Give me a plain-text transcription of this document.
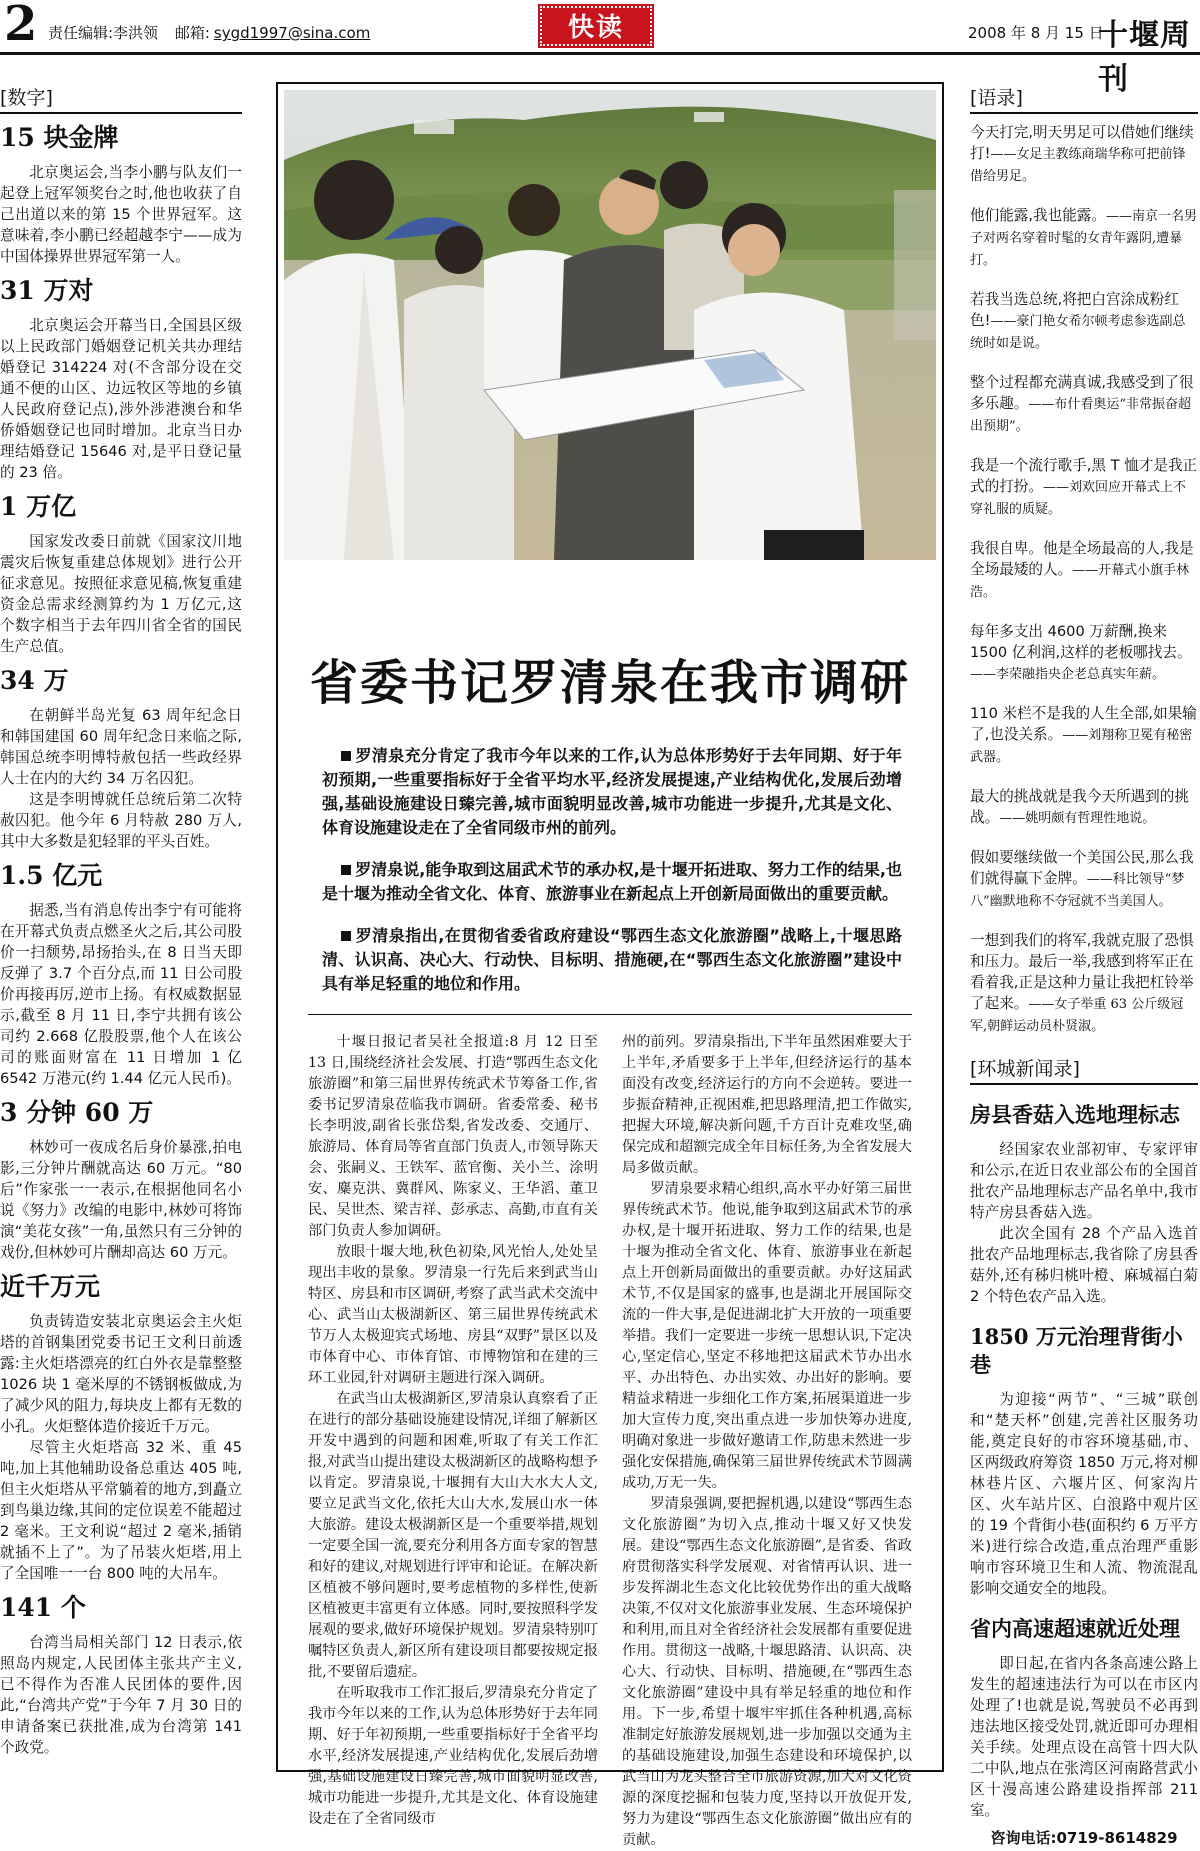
2 责任编辑:李洪领 邮箱: sygd1997@sina.com	快读	2008 年 8 月 15 日
十堰周刊
[数字]
15 块金牌

北京奥运会,当李小鹏与队友们一起登上冠军领奖台之时,他也收获了自己出道以来的第 15 个世界冠军。这意味着,李小鹏已经超越李宁——成为中国体操界世界冠军第一人。

31 万对

北京奥运会开幕当日,全国县区级以上民政部门婚姻登记机关共办理结婚登记 314224 对(不含部分设在交通不便的山区、边远牧区等地的乡镇人民政府登记点),涉外涉港澳台和华侨婚姻登记也同时增加。北京当日办理结婚登记 15646 对,是平日登记量的 23 倍。

1 万亿

国家发改委日前就《国家汶川地震灾后恢复重建总体规划》进行公开征求意见。按照征求意见稿,恢复重建资金总需求经测算约为 1 万亿元,这个数字相当于去年四川省全省的国民生产总值。

34 万

在朝鲜半岛光复 63 周年纪念日和韩国建国 60 周年纪念日来临之际,韩国总统李明博特赦包括一些政经界人士在内的大约 34 万名囚犯。

这是李明博就任总统后第二次特赦囚犯。他今年 6 月特赦 280 万人,其中大多数是犯轻罪的平头百姓。

1.5 亿元

据悉,当有消息传出李宁有可能将在开幕式负责点燃圣火之后,其公司股价一扫颓势,昂扬抬头,在 8 日当天即反弹了 3.7 个百分点,而 11 日公司股价再接再厉,逆市上扬。有权威数据显示,截至 8 月 11 日,李宁共拥有该公司约 2.668 亿股股票,他个人在该公司的账面财富在 11 日增加 1 亿 6542 万港元(约 1.44 亿元人民币)。

3 分钟 60 万

林妙可一夜成名后身价暴涨,拍电影,三分钟片酬就高达 60 万元。“80 后”作家张一一表示,在根据他同名小说《努力》改编的电影中,林妙可将饰演“美花女孩”一角,虽然只有三分钟的戏份,但林妙可片酬却高达 60 万元。

近千万元

负责铸造安装北京奥运会主火炬塔的首钢集团党委书记王文利日前透露:主火炬塔漂亮的红白外衣是靠整整 1026 块 1 毫米厚的不锈钢板做成,为了减少风的阻力,每块皮上都有无数的小孔。火炬整体造价接近千万元。

尽管主火炬塔高 32 米、重 45 吨,加上其他辅助设备总重达 405 吨,但主火炬塔从平常躺着的地方,到矗立到鸟巢边缘,其间的定位误差不能超过 2 毫米。王文利说“超过 2 毫米,插销就插不上了”。为了吊装火炬塔,用上了全国唯一一台 800 吨的大吊车。

141 个

台湾当局相关部门 12 日表示,依照岛内规定,人民团体主张共产主义,已不得作为否准人民团体的要件,因此,“台湾共产党”于今年 7 月 30 日的申请备案已获批准,成为台湾第 141 个政党。

省委书记罗清泉在我市调研

罗清泉充分肯定了我市今年以来的工作,认为总体形势好于去年同期、好于年初预期,一些重要指标好于全省平均水平,经济发展提速,产业结构优化,发展后劲增强,基础设施建设日臻完善,城市面貌明显改善,城市功能进一步提升,尤其是文化、体育设施建设走在了全省同级市州的前列。

罗清泉说,能争取到这届武术节的承办权,是十堰开拓进取、努力工作的结果,也是十堰为推动全省文化、体育、旅游事业在新起点上开创新局面做出的重要贡献。

罗清泉指出,在贯彻省委省政府建设“鄂西生态文化旅游圈”战略上,十堰思路清、认识高、决心大、行动快、目标明、措施硬,在“鄂西生态文化旅游圈”建设中具有举足轻重的地位和作用。

十堰日报记者吴社全报道:8 月 12 日至 13 日,围绕经济社会发展、打造“鄂西生态文化旅游圈”和第三届世界传统武术节筹备工作,省委书记罗清泉莅临我市调研。省委常委、秘书长李明波,副省长张岱梨,省发改委、交通厅、旅游局、体育局等省直部门负责人,市领导陈天会、张嗣义、王铁军、蓝官衡、关小兰、涂明安、麋克洪、冀群风、陈家义、王华滔、董卫民、吴世杰、梁吉祥、彭承志、高勤,市直有关部门负责人参加调研。

放眼十堰大地,秋色初染,风光怡人,处处呈现出丰收的景象。罗清泉一行先后来到武当山特区、房县和市区调研,考察了武当武术交流中心、武当山太极湖新区、第三届世界传统武术节万人太极迎宾式场地、房县“双野”景区以及市体育中心、市体育馆、市博物馆和在建的三环工业园,针对调研主题进行深入调研。

在武当山太极湖新区,罗清泉认真察看了正在进行的部分基础设施建设情况,详细了解新区开发中遇到的问题和困难,听取了有关工作汇报,对武当山提出建设太极湖新区的战略构想予以肯定。罗清泉说,十堰拥有大山大水大人文,要立足武当文化,依托大山大水,发展山水一体大旅游。建设太极湖新区是一个重要举措,规划一定要全国一流,要充分利用各方面专家的智慧和好的建议,对规划进行评审和论证。在解决新区植被不够问题时,要考虑植物的多样性,使新区植被更丰富更有立体感。同时,要按照科学发展观的要求,做好环境保护规划。罗清泉特别叮嘱特区负责人,新区所有建设项目都要按规定报批,不要留后遗症。

在听取我市工作汇报后,罗清泉充分肯定了我市今年以来的工作,认为总体形势好于去年同期、好于年初预期,一些重要指标好于全省平均水平,经济发展提速,产业结构优化,发展后劲增强,基础设施建设日臻完善,城市面貌明显改善,城市功能进一步提升,尤其是文化、体育设施建设走在了全省同级市

州的前列。罗清泉指出,下半年虽然困难要大于上半年,矛盾要多于上半年,但经济运行的基本面没有改变,经济运行的方向不会逆转。要进一步振奋精神,正视困难,把思路理清,把工作做实,把握大环境,解决新问题,千方百计克难攻坚,确保完成和超额完成全年目标任务,为全省发展大局多做贡献。

罗清泉要求精心组织,高水平办好第三届世界传统武术节。他说,能争取到这届武术节的承办权,是十堰开拓进取、努力工作的结果,也是十堰为推动全省文化、体育、旅游事业在新起点上开创新局面做出的重要贡献。办好这届武术节,不仅是国家的盛事,也是湖北开展国际交流的一件大事,是促进湖北扩大开放的一项重要举措。我们一定要进一步统一思想认识,下定决心,坚定信心,坚定不移地把这届武术节办出水平、办出特色、办出实效、办出好的影响。要精益求精进一步细化工作方案,拓展渠道进一步加大宣传力度,突出重点进一步加快筹办进度,明确对象进一步做好邀请工作,防患未然进一步强化安保措施,确保第三届世界传统武术节圆满成功,万无一失。

罗清泉强调,要把握机遇,以建设“鄂西生态文化旅游圈”为切入点,推动十堰又好又快发展。建设“鄂西生态文化旅游圈”,是省委、省政府贯彻落实科学发展观、对省情再认识、进一步发挥湖北生态文化比较优势作出的重大战略决策,不仅对文化旅游事业发展、生态环境保护和利用,而且对全省经济社会发展都有重要促进作用。贯彻这一战略,十堰思路清、认识高、决心大、行动快、目标明、措施硬,在“鄂西生态文化旅游圈”建设中具有举足轻重的地位和作用。下一步,希望十堰牢牢抓住各种机遇,高标准制定好旅游发展规划,进一步加强以交通为主的基础设施建设,加强生态建设和环境保护,以武当山为龙头整合全市旅游资源,加大对文化资源的深度挖掘和包装力度,坚持以开放促开发,努力为建设“鄂西生态文化旅游圈”做出应有的贡献。

[语录]
今天打完,明天男足可以借她们继续打!——女足主教练商瑞华称可把前锋借给男足。
他们能露,我也能露。——南京一名男子对两名穿着时髦的女青年露阴,遭暴打。
若我当选总统,将把白宫涂成粉红色!——豪门艳女希尔顿考虑参选副总统时如是说。
整个过程都充满真诚,我感受到了很多乐趣。——布什看奥运“非常振奋超出预期”。
我是一个流行歌手,黑 T 恤才是我正式的打扮。——刘欢回应开幕式上不穿礼服的质疑。
我很自卑。他是全场最高的人,我是全场最矮的人。——开幕式小旗手林浩。
每年多支出 4600 万薪酬,换来 1500 亿利润,这样的老板哪找去。——李荣融指央企老总真实年薪。
110 米栏不是我的人生全部,如果输了,也没关系。——刘翔称卫冕有秘密武器。
最大的挑战就是我今天所遇到的挑战。——姚明颇有哲理性地说。
假如要继续做一个美国公民,那么我们就得赢下金牌。——科比领导“梦八”幽默地称不夺冠就不当美国人。
一想到我们的将军,我就克服了恐惧和压力。最后一举,我感到将军正在看着我,正是这种力量让我把杠铃举了起来。——女子举重 63 公斤级冠军,朝鲜运动员朴贤淑。
[环城新闻录]
房县香菇入选地理标志

经国家农业部初审、专家评审和公示,在近日农业部公布的全国首批农产品地理标志产品名单中,我市特产房县香菇入选。

此次全国有 28 个产品入选首批农产品地理标志,我省除了房县香菇外,还有秭归桃叶橙、麻城福白菊 2 个特色农产品入选。

1850 万元治理背街小巷

为迎接“两节”、“三城”联创和“楚天杯”创建,完善社区服务功能,奠定良好的市容环境基础,市、区两级政府筹资 1850 万元,将对柳林巷片区、六堰片区、何家沟片区、火车站片区、白浪路中观片区的 19 个背街小巷(面积约 6 万平方米)进行综合改造,重点治理严重影响市容环境卫生和人流、物流混乱影响交通安全的地段。

省内高速超速就近处理

即日起,在省内各条高速公路上发生的超速违法行为可以在市区内处理了!也就是说,驾驶员不必再到违法地区接受处罚,就近即可办理相关手续。处理点设在高管十四大队二中队,地点在张湾区河南路营武小区十漫高速公路建设指挥部 211 室。

咨询电话:0719-8614829
